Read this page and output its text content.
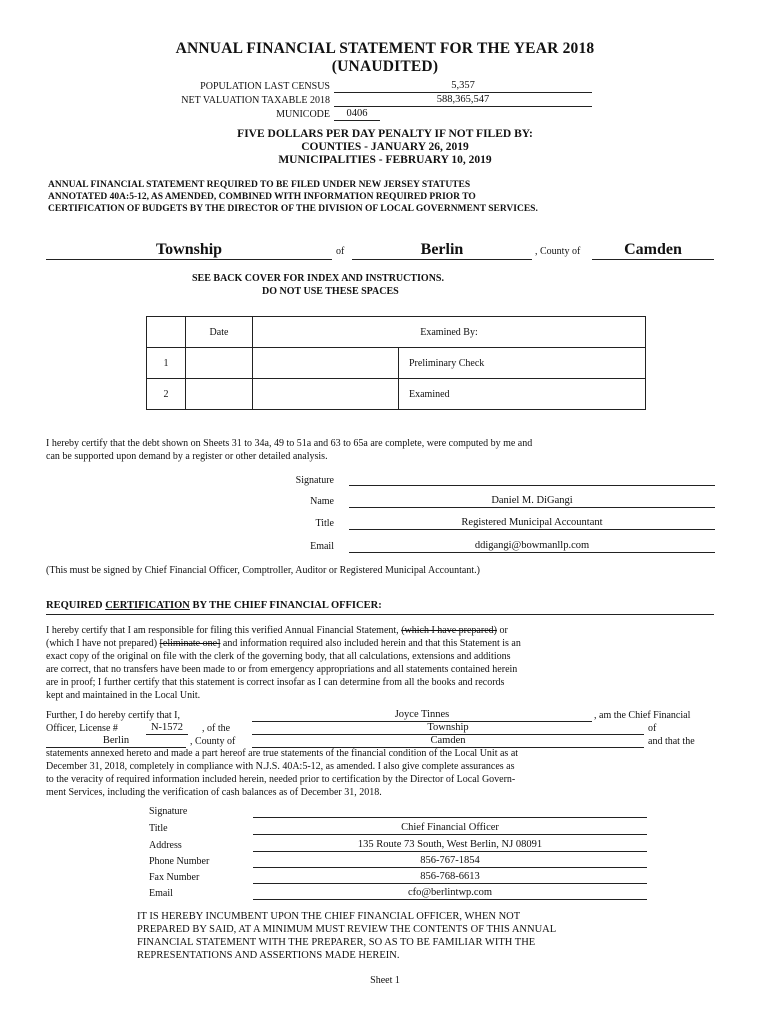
ANNUAL FINANCIAL STATEMENT FOR THE YEAR 2018
(UNAUDITED)
POPULATION LAST CENSUS	5,357
NET VALUATION TAXABLE 2018	588,365,547
MUNICODE	0406
FIVE DOLLARS PER DAY PENALTY IF NOT FILED BY:
COUNTIES - JANUARY 26, 2019
MUNICIPALITIES - FEBRUARY 10, 2019
ANNUAL FINANCIAL STATEMENT REQUIRED TO BE FILED UNDER NEW JERSEY STATUTES
ANNOTATED 40A:5-12, AS AMENDED, COMBINED WITH INFORMATION REQUIRED PRIOR TO
CERTIFICATION OF BUDGETS BY THE DIRECTOR OF THE DIVISION OF LOCAL GOVERNMENT SERVICES.
Township	of	Berlin	, County of	Camden
SEE BACK COVER FOR INDEX AND INSTRUCTIONS.
DO NOT USE THESE SPACES
	Date	Examined By:	
1			Preliminary Check
2			Examined
I hereby certify that the debt shown on Sheets 31 to 34a, 49 to 51a and 63 to 65a are complete, were computed by me and
can be supported upon demand by a register or other detailed analysis.
Signature
Name	Daniel M. DiGangi
Title	Registered Municipal Accountant
Email	ddigangi@bowmanllp.com
(This must be signed by Chief Financial Officer, Comptroller, Auditor or Registered Municipal Accountant.)
REQUIRED CERTIFICATION BY THE CHIEF FINANCIAL OFFICER:
I hereby certify that I am responsible for filing this verified Annual Financial Statement, (which I have prepared) or
(which I have not prepared) [eliminate one] and information required also included herein and that this Statement is an
exact copy of the original on file with the clerk of the governing body, that all calculations, extensions and additions
are correct, that no transfers have been made to or from emergency appropriations and all statements contained herein
are in proof; I further certify that this statement is correct insofar as I can determine from all the books and records
kept and maintained in the Local Unit.
Further, I do hereby certify that I,	Joyce Tinnes	, am the Chief Financial
Officer, License #	N-1572	, of the	Township	of
Berlin	, County of	Camden	and that the
statements annexed hereto and made a part hereof are true statements of the financial condition of the Local Unit as at
December 31, 2018, completely in compliance with N.J.S. 40A:5-12, as amended. I also give complete assurances as
to the veracity of required information included herein, needed prior to certification by the Director of Local Govern-
ment Services, including the verification of cash balances as of December 31, 2018.
Signature
Title	Chief Financial Officer
Address	135 Route 73 South, West Berlin, NJ 08091
Phone Number	856-767-1854
Fax Number	856-768-6613
Email	cfo@berlintwp.com
IT IS HEREBY INCUMBENT UPON THE CHIEF FINANCIAL OFFICER, WHEN NOT
PREPARED BY SAID, AT A MINIMUM MUST REVIEW THE CONTENTS OF THIS ANNUAL
FINANCIAL STATEMENT WITH THE PREPARER, SO AS TO BE FAMILIAR WITH THE
REPRESENTATIONS AND ASSERTIONS MADE HEREIN.
Sheet 1
